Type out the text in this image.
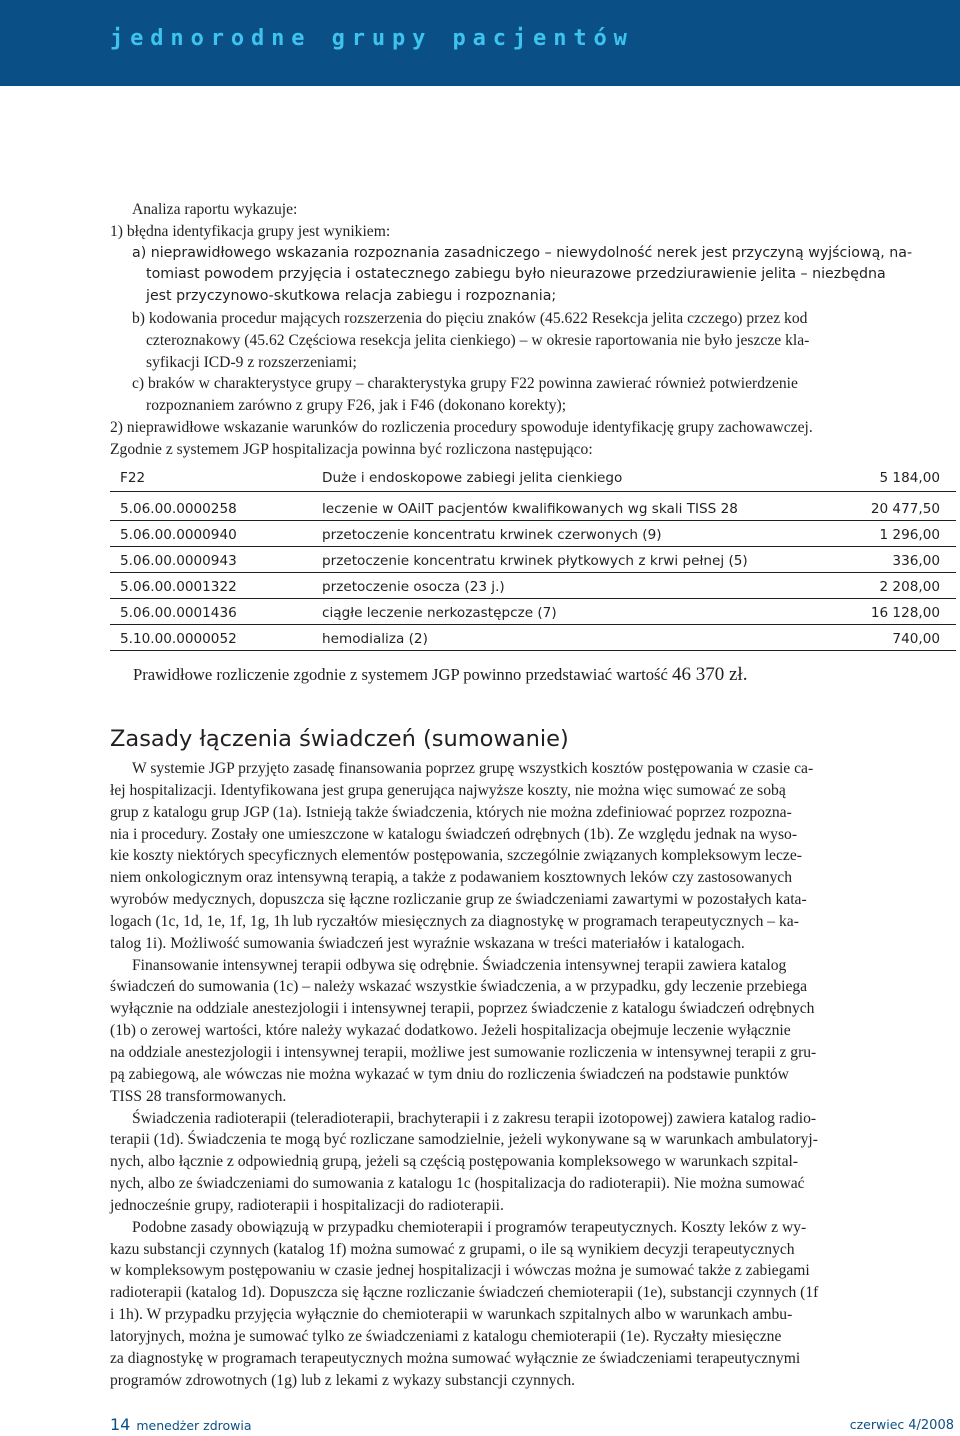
jednorodne grupy pacjentów
Analiza raportu wykazuje:
1) błędna identyfikacja grupy jest wynikiem:
a) nieprawidłowego wskazania rozpoznania zasadniczego – niewydolność nerek jest przyczyną wyjściową, na-
tomiast powodem przyjęcia i ostatecznego zabiegu było nieurazowe przedziurawienie jelita – niezbędna
jest przyczynowo-skutkowa relacja zabiegu i rozpoznania;
b) kodowania procedur mających rozszerzenia do pięciu znaków (45.622 Resekcja jelita czczego) przez kod
czteroznakowy (45.62 Częściowa resekcja jelita cienkiego) – w okresie raportowania nie było jeszcze kla-
syfikacji ICD-9 z rozszerzeniami;
c) braków w charakterystyce grupy – charakterystyka grupy F22 powinna zawierać również potwierdzenie
rozpoznaniem zarówno z grupy F26, jak i F46 (dokonano korekty);
2) nieprawidłowe wskazanie warunków do rozliczenia procedury spowoduje identyfikację grupy zachowawczej.
Zgodnie z systemem JGP hospitalizacja powinna być rozliczona następująco:
F22	Duże i endoskopowe zabiegi jelita cienkiego	5 184,00
5.06.00.0000258	leczenie w OAiIT pacjentów kwalifikowanych wg skali TISS 28	20 477,50
5.06.00.0000940	przetoczenie koncentratu krwinek czerwonych (9)	1 296,00
5.06.00.0000943	przetoczenie koncentratu krwinek płytkowych z krwi pełnej (5)	336,00
5.06.00.0001322	przetoczenie osocza (23 j.)	2 208,00
5.06.00.0001436	ciągłe leczenie nerkozastępcze (7)	16 128,00
5.10.00.0000052	hemodializa (2)	740,00
Prawidłowe rozliczenie zgodnie z systemem JGP powinno przedstawiać wartość 46 370 zł.
Zasady łączenia świadczeń (sumowanie)
W systemie JGP przyjęto zasadę finansowania poprzez grupę wszystkich kosztów postępowania w czasie ca-
łej hospitalizacji. Identyfikowana jest grupa generująca najwyższe koszty, nie można więc sumować ze sobą
grup z katalogu grup JGP (1a). Istnieją także świadczenia, których nie można zdefiniować poprzez rozpozna-
nia i procedury. Zostały one umieszczone w katalogu świadczeń odrębnych (1b). Ze względu jednak na wyso-
kie koszty niektórych specyficznych elementów postępowania, szczególnie związanych kompleksowym lecze-
niem onkologicznym oraz intensywną terapią, a także z podawaniem kosztownych leków czy zastosowanych
wyrobów medycznych, dopuszcza się łączne rozliczanie grup ze świadczeniami zawartymi w pozostałych kata-
logach (1c, 1d, 1e, 1f, 1g, 1h lub ryczałtów miesięcznych za diagnostykę w programach terapeutycznych – ka-
talog 1i). Możliwość sumowania świadczeń jest wyraźnie wskazana w treści materiałów i katalogach.
Finansowanie intensywnej terapii odbywa się odrębnie. Świadczenia intensywnej terapii zawiera katalog
świadczeń do sumowania (1c) – należy wskazać wszystkie świadczenia, a w przypadku, gdy leczenie przebiega
wyłącznie na oddziale anestezjologii i intensywnej terapii, poprzez świadczenie z katalogu świadczeń odrębnych
(1b) o zerowej wartości, które należy wykazać dodatkowo. Jeżeli hospitalizacja obejmuje leczenie wyłącznie
na oddziale anestezjologii i intensywnej terapii, możliwe jest sumowanie rozliczenia w intensywnej terapii z gru-
pą zabiegową, ale wówczas nie można wykazać w tym dniu do rozliczenia świadczeń na podstawie punktów
TISS 28 transformowanych.
Świadczenia radioterapii (teleradioterapii, brachyterapii i z zakresu terapii izotopowej) zawiera katalog radio-
terapii (1d). Świadczenia te mogą być rozliczane samodzielnie, jeżeli wykonywane są w warunkach ambulatoryj-
nych, albo łącznie z odpowiednią grupą, jeżeli są częścią postępowania kompleksowego w warunkach szpital-
nych, albo ze świadczeniami do sumowania z katalogu 1c (hospitalizacja do radioterapii). Nie można sumować
jednocześnie grupy, radioterapii i hospitalizacji do radioterapii.
Podobne zasady obowiązują w przypadku chemioterapii i programów terapeutycznych. Koszty leków z wy-
kazu substancji czynnych (katalog 1f) można sumować z grupami, o ile są wynikiem decyzji terapeutycznych
w kompleksowym postępowaniu w czasie jednej hospitalizacji i wówczas można je sumować także z zabiegami
radioterapii (katalog 1d). Dopuszcza się łączne rozliczanie świadczeń chemioterapii (1e), substancji czynnych (1f
i 1h). W przypadku przyjęcia wyłącznie do chemioterapii w warunkach szpitalnych albo w warunkach ambu-
latoryjnych, można je sumować tylko ze świadczeniami z katalogu chemioterapii (1e). Ryczałty miesięczne
za diagnostykę w programach terapeutycznych można sumować wyłącznie ze świadczeniami terapeutycznymi
programów zdrowotnych (1g) lub z lekami z wykazy substancji czynnych.
14 menedżer zdrowia	czerwiec 4/2008
